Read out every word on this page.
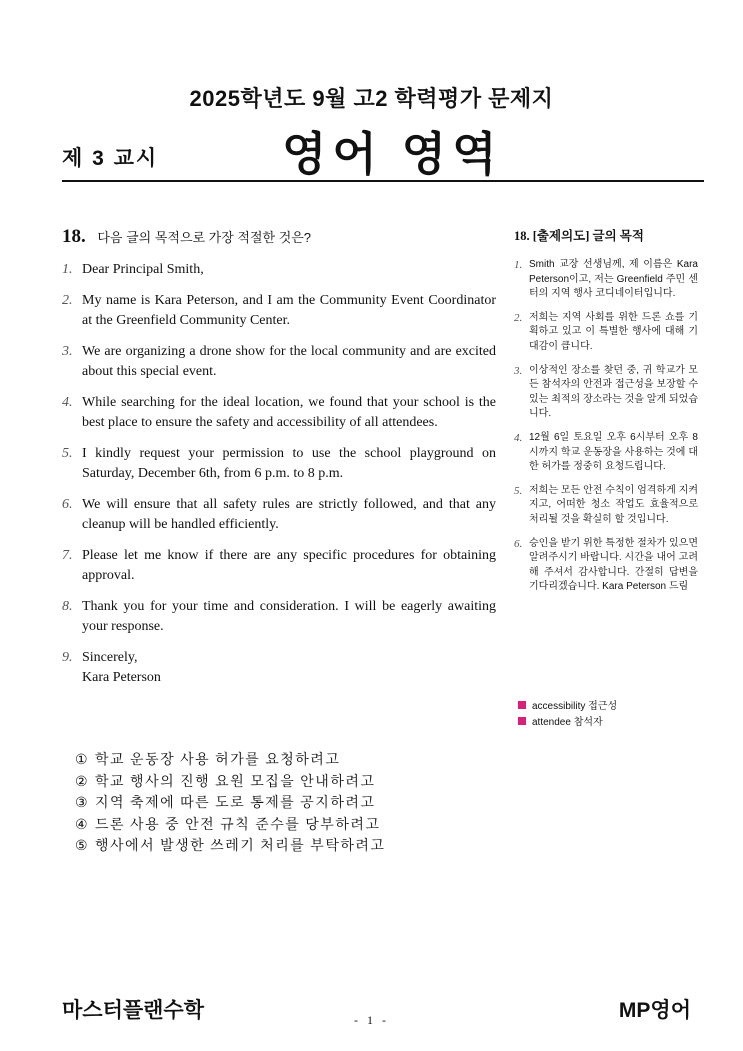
2025학년도 9월 고2 학력평가 문제지
제 3 교시	영어 영역
18. 다음 글의 목적으로 가장 적절한 것은?
1. Dear Principal Smith,
2. My name is Kara Peterson, and I am the Community Event Coordinator at the Greenfield Community Center.
3. We are organizing a drone show for the local community and are excited about this special event.
4. While searching for the ideal location, we found that your school is the best place to ensure the safety and accessibility of all attendees.
5. I kindly request your permission to use the school playground on Saturday, December 6th, from 6 p.m. to 8 p.m.
6. We will ensure that all safety rules are strictly followed, and that any cleanup will be handled efficiently.
7. Please let me know if there are any specific procedures for obtaining approval.
8. Thank you for your time and consideration. I will be eagerly awaiting your response.
9. Sincerely,
Kara Peterson
① 학교 운동장 사용 허가를 요청하려고
② 학교 행사의 진행 요원 모집을 안내하려고
③ 지역 축제에 따른 도로 통제를 공지하려고
④ 드론 사용 중 안전 규칙 준수를 당부하려고
⑤ 행사에서 발생한 쓰레기 처리를 부탁하려고
18. [출제의도] 글의 목적
1. Smith 교장 선생님께, 제 이름은 Kara Peterson이고, 저는 Greenfield 주민 센터의 지역 행사 코디네이터입니다.
2. 저희는 지역 사회를 위한 드론 쇼를 기획하고 있고 이 특별한 행사에 대해 기대감이 큽니다.
3. 이상적인 장소를 찾던 중, 귀 학교가 모든 참석자의 안전과 접근성을 보장할 수 있는 최적의 장소라는 것을 알게 되었습니다.
4. 12월 6일 토요일 오후 6시부터 오후 8시까지 학교 운동장을 사용하는 것에 대한 허가를 정중히 요청드립니다.
5. 저희는 모든 안전 수칙이 엄격하게 지켜지고, 어떠한 청소 작업도 효율적으로 처리될 것을 확실히 할 것입니다.
6. 승인을 받기 위한 특정한 절차가 있으면 알려주시기 바랍니다. 시간을 내어 고려해 주셔서 감사합니다. 간절히 답변을 기다리겠습니다. Kara Peterson 드림
accessibility 접근성
attendee 참석자
마스터플랜수학	- 1 -	MP영어
